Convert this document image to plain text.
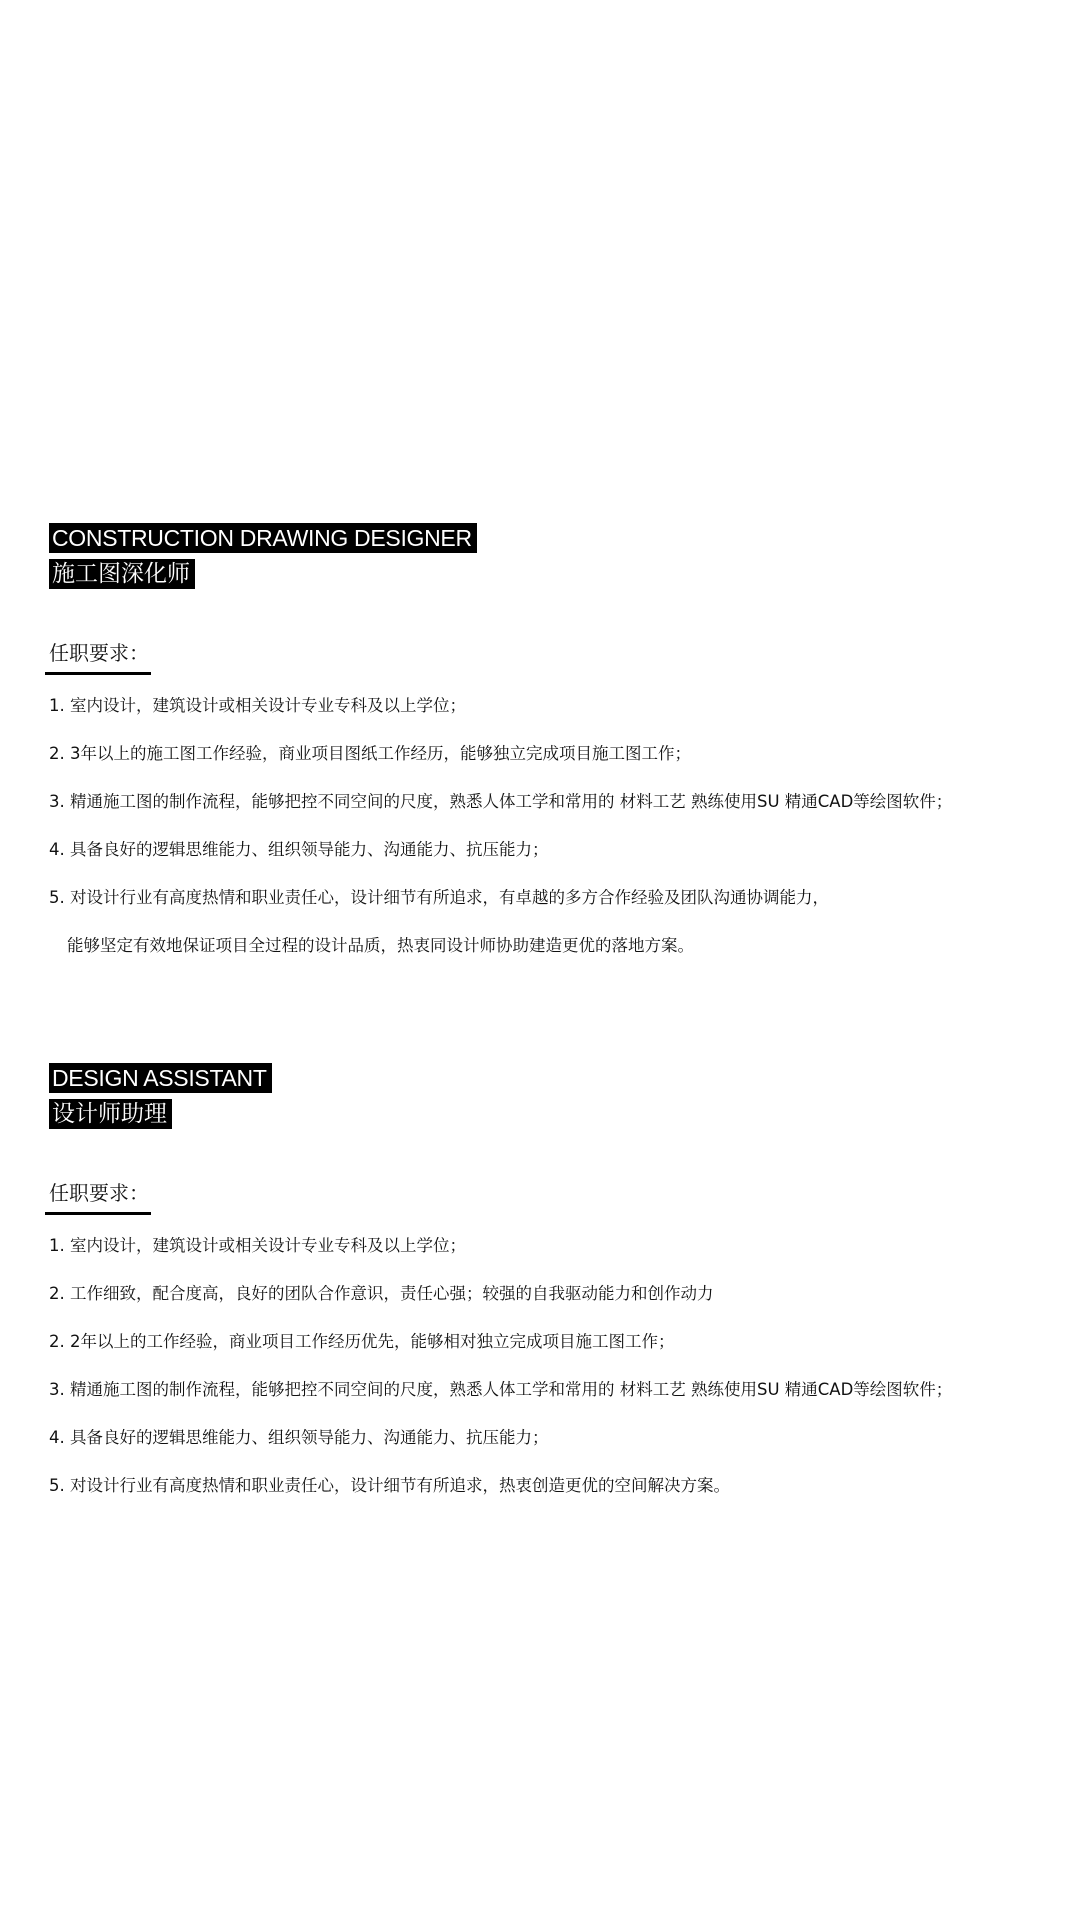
CONSTRUCTION DRAWING DESIGNER
施工图深化师
任职要求：
1. 室内设计，建筑设计或相关设计专业专科及以上学位；
2. 3年以上的施工图工作经验，商业项目图纸工作经历，能够独立完成项目施工图工作；
3. 精通施工图的制作流程，能够把控不同空间的尺度，熟悉人体工学和常用的 材料工艺 熟练使用SU 精通CAD等绘图软件；
4. 具备良好的逻辑思维能力、组织领导能力、沟通能力、抗压能力；
5. 对设计行业有高度热情和职业责任心，设计细节有所追求，有卓越的多方合作经验及团队沟通协调能力，
能够坚定有效地保证项目全过程的设计品质，热衷同设计师协助建造更优的落地方案。
DESIGN ASSISTANT
设计师助理
任职要求：
1. 室内设计，建筑设计或相关设计专业专科及以上学位；
2. 工作细致，配合度高，良好的团队合作意识，责任心强；较强的自我驱动能力和创作动力
2. 2年以上的工作经验，商业项目工作经历优先，能够相对独立完成项目施工图工作；
3. 精通施工图的制作流程，能够把控不同空间的尺度，熟悉人体工学和常用的 材料工艺 熟练使用SU 精通CAD等绘图软件；
4. 具备良好的逻辑思维能力、组织领导能力、沟通能力、抗压能力；
5. 对设计行业有高度热情和职业责任心，设计细节有所追求，热衷创造更优的空间解决方案。
